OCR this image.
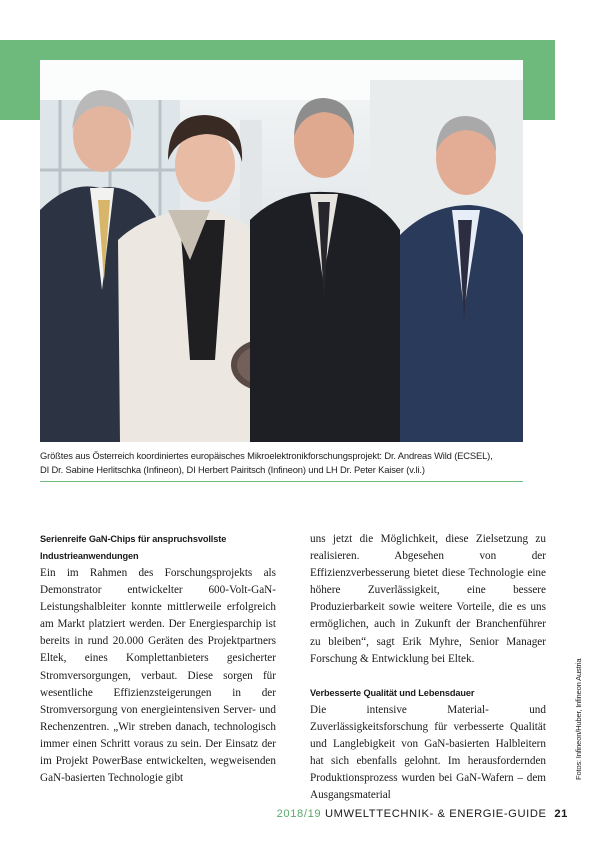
Größtes aus Österreich koordiniertes europäisches Mikroelektronikforschungsprojekt: Dr. Andreas Wild (ECSEL),
DI Dr. Sabine Herlitschka (Infineon), DI Herbert Pairitsch (Infineon) und LH Dr. Peter Kaiser (v.li.)

Serienreife GaN-Chips für anspruchsvollste Industrieanwendungen

Ein im Rahmen des Forschungsprojekts als Demonstrator entwickelter 600-Volt-GaN-Leistungshalbleiter konnte mittlerweile erfolgreich am Markt platziert werden. Der Energiesparchip ist bereits in rund 20.000 Geräten des Projektpartners Eltek, eines Komplettanbieters gesicherter Stromversorgungen, verbaut. Diese sorgen für wesentliche Effizienzsteigerungen in der Stromversorgung von energieintensiven Server- und Rechenzentren. „Wir streben danach, technologisch immer einen Schritt voraus zu sein. Der Einsatz der im Projekt PowerBase entwickelten, wegweisenden GaN-basierten Technologie gibt

uns jetzt die Möglichkeit, diese Zielsetzung zu realisieren. Abgesehen von der Effizienzverbesserung bietet diese Technologie eine höhere Zuverlässigkeit, eine bessere Produzierbarkeit sowie weitere Vorteile, die es uns ermöglichen, auch in Zukunft der Branchenführer zu bleiben“, sagt Erik Myhre, Senior Manager Forschung & Entwicklung bei Eltek.

Verbesserte Qualität und Lebensdauer

Die intensive Material- und Zuverlässigkeitsforschung für verbesserte Qualität und Langlebigkeit von GaN-basierten Halbleitern hat sich ebenfalls gelohnt. Im herausfordernden Produktionsprozess wurden bei GaN-Wafern – dem Ausgangsmaterial

Fotos: Infineon/Huber, Infineon Austria
2018/19 UMWELTTECHNIK- & ENERGIE-GUIDE 21
